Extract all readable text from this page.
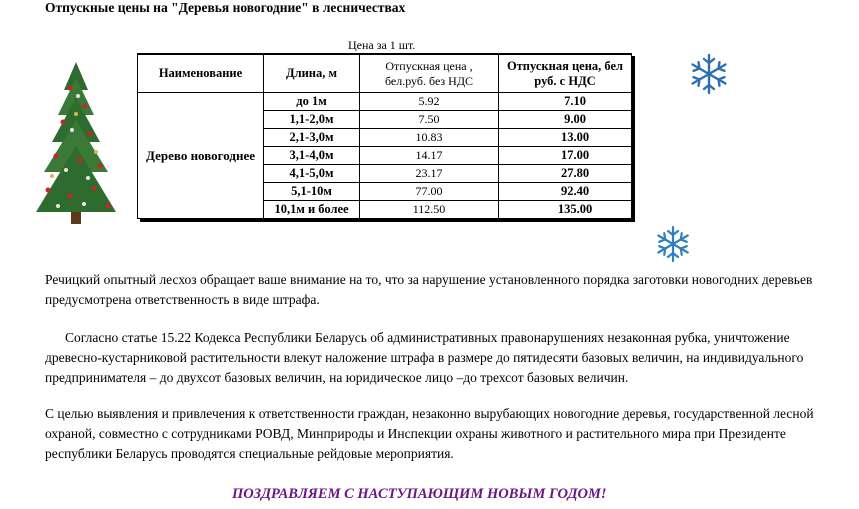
Отпускные цены на "Деревья новогодние" в лесничествах
Цена за 1 шт.
Наименование	Длина, м	Отпускная цена , бел.руб. без НДС	Отпускная цена, бел руб. с НДС
Дерево новогоднее	до 1м	5.92	7.10
	1,1-2,0м	7.50	9.00
	2,1-3,0м	10.83	13.00
	3,1-4,0м	14.17	17.00
	4,1-5,0м	23.17	27.80
	5,1-10м	77.00	92.40
	10,1м и более	112.50	135.00

Речицкий опытный лесхоз обращает ваше внимание на то, что за нарушение установленного порядка заготовки новогодних деревьев предусмотрена ответственность в виде штрафа.

Согласно статье 15.22 Кодекса Республики Беларусь об административных правонарушениях незаконная рубка, уничтожение древесно-кустарниковой растительности влекут наложение штрафа в размере до пятидесяти базовых величин, на индивидуального предпринимателя – до двухсот базовых величин, на юридическое лицо –до трехсот базовых величин.

С целью выявления и привлечения к ответственности граждан, незаконно вырубающих новогодние деревья, государственной лесной охраной, совместно с сотрудниками РОВД, Минприроды и Инспекции охраны животного и растительного мира при Президенте республики Беларусь проводятся специальные рейдовые мероприятия.

ПОЗДРАВЛЯЕМ С НАСТУПАЮЩИМ НОВЫМ ГОДОМ!
